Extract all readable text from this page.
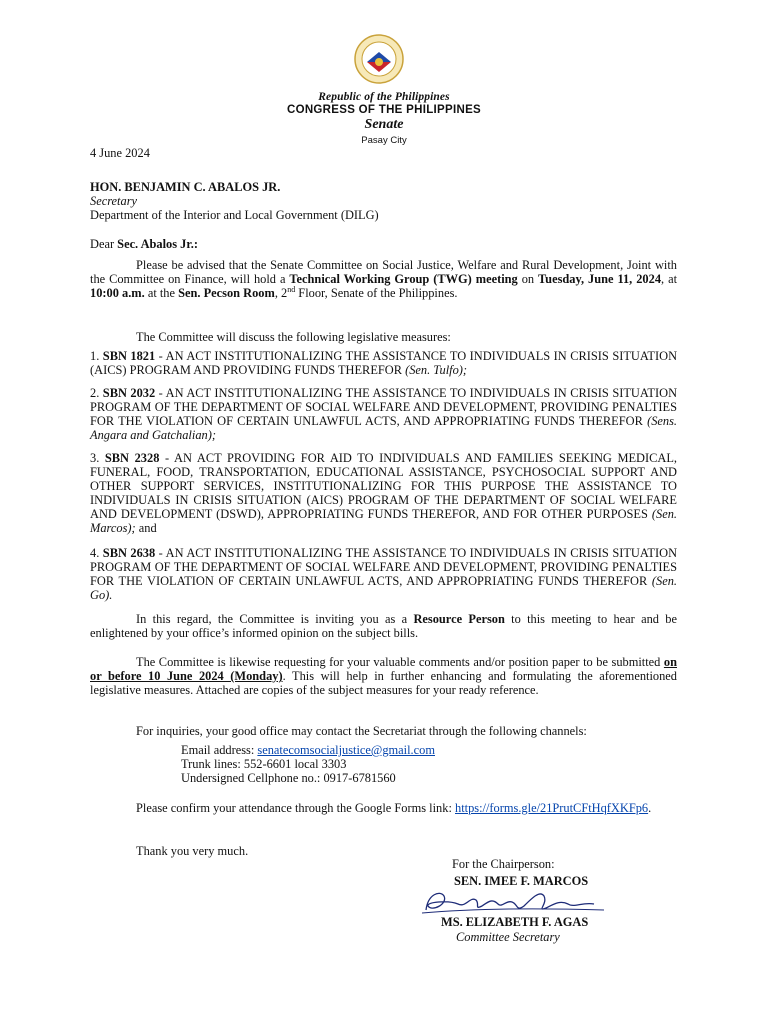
Republic of the Philippines
CONGRESS OF THE PHILIPPINES
Senate
Pasay City
4 June 2024
HON. BENJAMIN C. ABALOS JR.
Secretary
Department of the Interior and Local Government (DILG)
Dear Sec. Abalos Jr.:

Please be advised that the Senate Committee on Social Justice, Welfare and Rural Development, Joint with the Committee on Finance, will hold a Technical Working Group (TWG) meeting on Tuesday, June 11, 2024, at 10:00 a.m. at the Sen. Pecson Room, 2nd Floor, Senate of the Philippines.

The Committee will discuss the following legislative measures:

1. SBN 1821 - AN ACT INSTITUTIONALIZING THE ASSISTANCE TO INDIVIDUALS IN CRISIS SITUATION (AICS) PROGRAM AND PROVIDING FUNDS THEREFOR (Sen. Tulfo);

2. SBN 2032 - AN ACT INSTITUTIONALIZING THE ASSISTANCE TO INDIVIDUALS IN CRISIS SITUATION PROGRAM OF THE DEPARTMENT OF SOCIAL WELFARE AND DEVELOPMENT, PROVIDING PENALTIES FOR THE VIOLATION OF CERTAIN UNLAWFUL ACTS, AND APPROPRIATING FUNDS THEREFOR (Sens. Angara and Gatchalian);

3. SBN 2328 - AN ACT PROVIDING FOR AID TO INDIVIDUALS AND FAMILIES SEEKING MEDICAL, FUNERAL, FOOD, TRANSPORTATION, EDUCATIONAL ASSISTANCE, PSYCHOSOCIAL SUPPORT AND OTHER SUPPORT SERVICES, INSTITUTIONALIZING FOR THIS PURPOSE THE ASSISTANCE TO INDIVIDUALS IN CRISIS SITUATION (AICS) PROGRAM OF THE DEPARTMENT OF SOCIAL WELFARE AND DEVELOPMENT (DSWD), APPROPRIATING FUNDS THEREFOR, AND FOR OTHER PURPOSES (Sen. Marcos); and

4. SBN 2638 - AN ACT INSTITUTIONALIZING THE ASSISTANCE TO INDIVIDUALS IN CRISIS SITUATION PROGRAM OF THE DEPARTMENT OF SOCIAL WELFARE AND DEVELOPMENT, PROVIDING PENALTIES FOR THE VIOLATION OF CERTAIN UNLAWFUL ACTS, AND APPROPRIATING FUNDS THEREFOR (Sen. Go).

In this regard, the Committee is inviting you as a Resource Person to this meeting to hear and be enlightened by your office’s informed opinion on the subject bills.

The Committee is likewise requesting for your valuable comments and/or position paper to be submitted on or before 10 June 2024 (Monday). This will help in further enhancing and formulating the aforementioned legislative measures. Attached are copies of the subject measures for your ready reference.

For inquiries, your good office may contact the Secretariat through the following channels:

Email address: senatecomsocialjustice@gmail.com
Trunk lines: 552-6601 local 3303
Undersigned Cellphone no.: 0917-6781560

Please confirm your attendance through the Google Forms link: https://forms.gle/21PrutCFtHqfXKFp6.

Thank you very much.
For the Chairperson:
SEN. IMEE F. MARCOS
MS. ELIZABETH F. AGAS
Committee Secretary
